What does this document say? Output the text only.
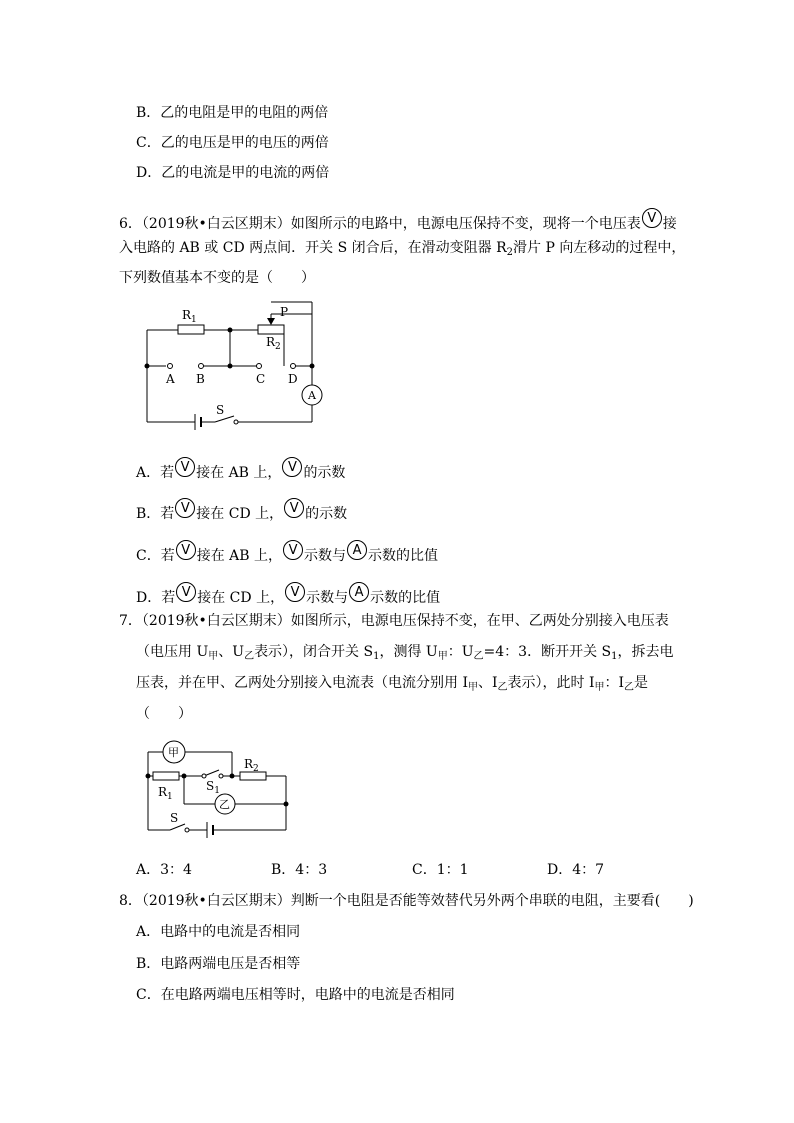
B．乙的电阻是甲的电阻的两倍
C．乙的电压是甲的电压的两倍
D．乙的电流是甲的电流的两倍
6．（2019秋•白云区期末）如图所示的电路中，电源电压保持不变，现将一个电压表 V 接
入电路的 AB 或 CD 两点间．开关 S 闭合后，在滑动变阻器 $R_2$滑片 P 向左移动的过程中，
下列数值基本不变的是（　　）
$R_1$
$R_2$
P
A B	C D
S
A
A．若 V 接在 AB 上， V 的示数
B．若 V 接在 CD 上， V 的示数
C．若 V 接在 AB 上， V 示数与 A 示数的比值
D．若 V 接在 CD 上， V 示数与 A 示数的比值
7．（2019秋•白云区期末）如图所示，电源电压保持不变，在甲、乙两处分别接入电压表
（电压用 $U_甲$、$U_乙$表示），闭合开关 $S_1$，测得 $U_甲$：$U_乙=4$：3．断开开关 $S_1$，拆去电
压表，并在甲、乙两处分别接入电流表（电流分别用 $I_甲$、$I_乙$表示），此时 $I_甲$：$I_乙$是
（　　）
甲
乙
$R_1$
$R_2$
$S_1$
S
A．3：4	B．4：3	C．1：1	D．4：7
8．（2019秋•白云区期末）判断一个电阻是否能等效替代另外两个串联的电阻，主要看(　　)
A．电路中的电流是否相同
B．电路两端电压是否相等
C．在电路两端电压相等时，电路中的电流是否相同
